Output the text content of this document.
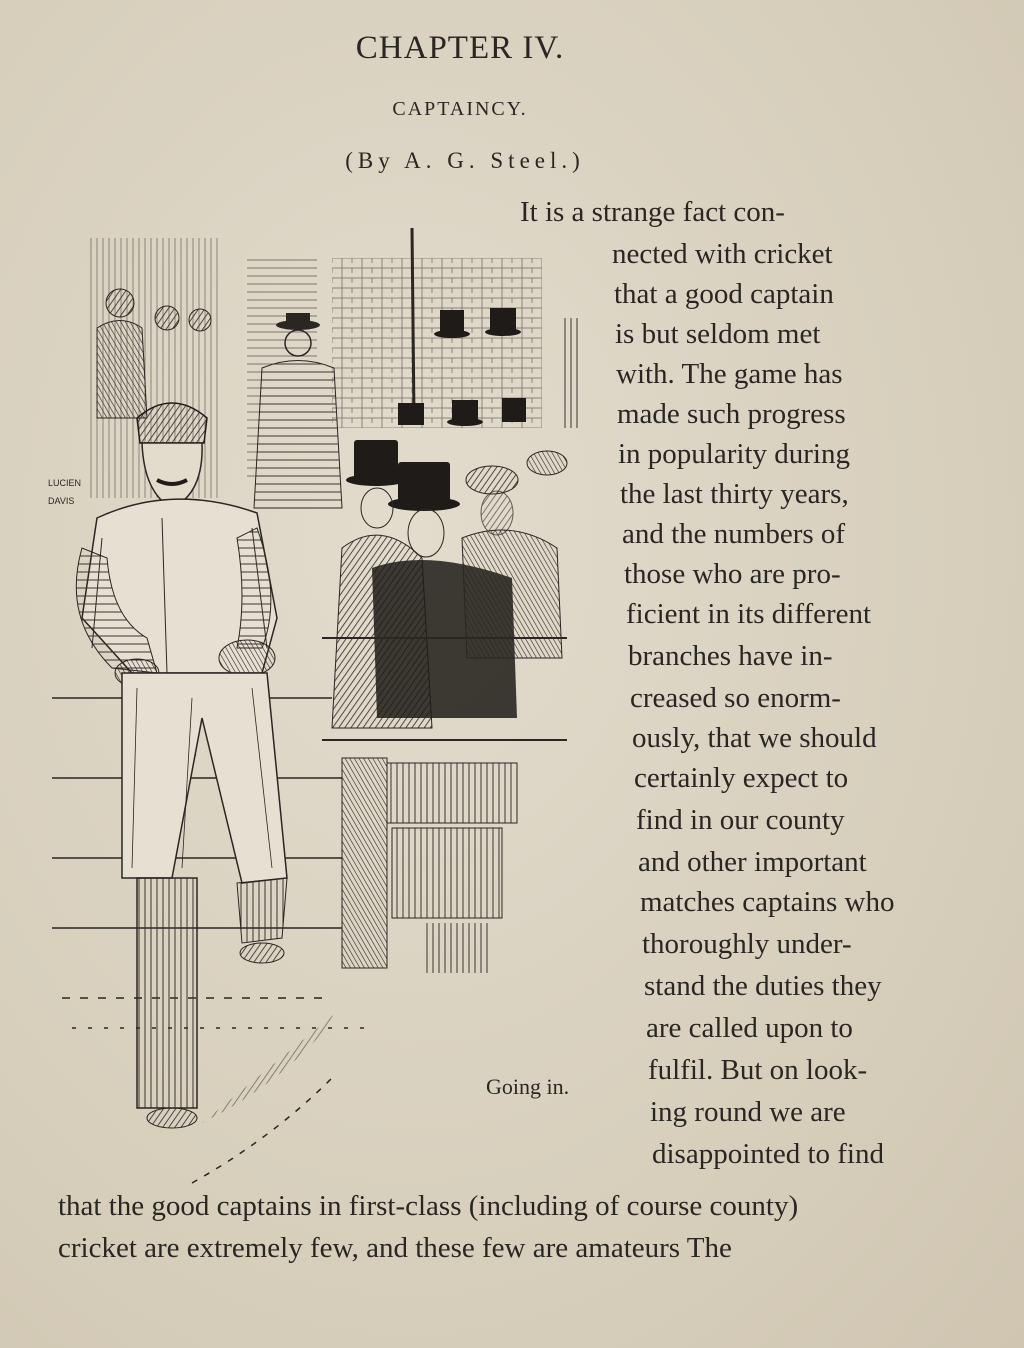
CHAPTER IV.
CAPTAINCY.
(By A. G. Steel.)
LUCIEN DAVIS
Going in.
It is a strange fact con-
nected with cricket
that a good captain
is but seldom met
with. The game has
made such progress
in popularity during
the last thirty years,
and the numbers of
those who are pro-
ficient in its different
branches have in-
creased so enorm-
ously, that we should
certainly expect to
find in our county
and other important
matches captains who
thoroughly under-
stand the duties they
are called upon to
fulfil. But on look-
ing round we are
disappointed to find
that the good captains in first-class (including of course county)
cricket are extremely few, and these few are amateurs The
